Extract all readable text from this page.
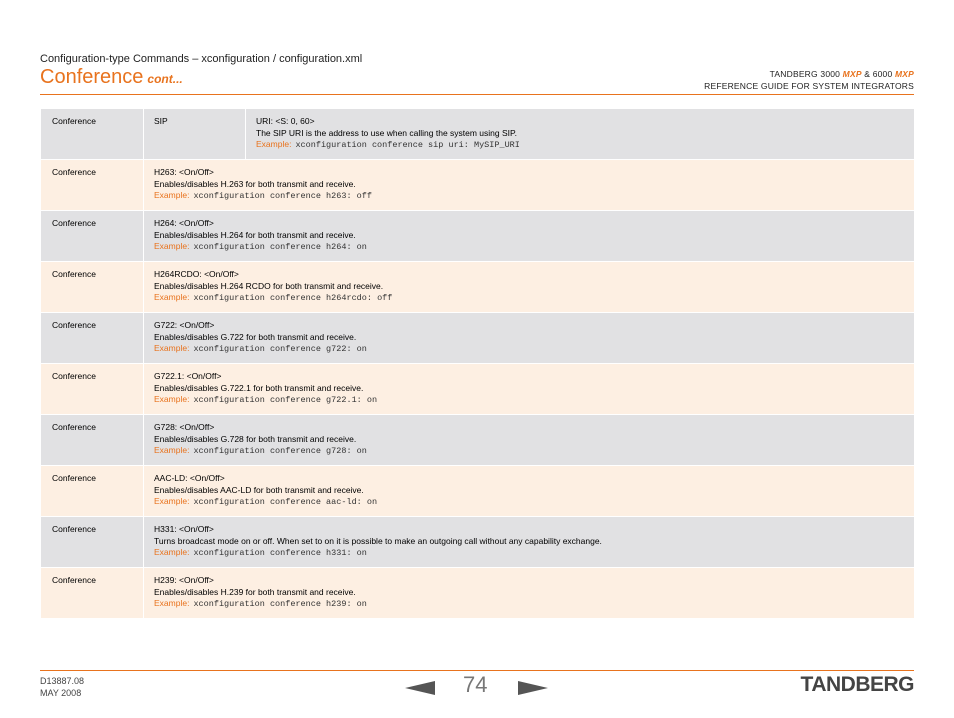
Configuration-type Commands – xconfiguration / configuration.xml
Conference cont...	TANDBERG 3000 MXP & 6000 MXP
REFERENCE GUIDE FOR SYSTEM INTEGRATORS
Conference	SIP	URI: <S: 0, 60>
The SIP URI is the address to use when calling the system using SIP.
Example: xconfiguration conference sip uri: MySIP_URI
Conference	H263: <On/Off>
Enables/disables H.263 for both transmit and receive.
Example: xconfiguration conference h263: off
Conference	H264: <On/Off>
Enables/disables H.264 for both transmit and receive.
Example: xconfiguration conference h264: on
Conference	H264RCDO: <On/Off>
Enables/disables H.264 RCDO for both transmit and receive.
Example: xconfiguration conference h264rcdo: off
Conference	G722: <On/Off>
Enables/disables G.722 for both transmit and receive.
Example: xconfiguration conference g722: on
Conference	G722.1: <On/Off>
Enables/disables G.722.1 for both transmit and receive.
Example: xconfiguration conference g722.1: on
Conference	G728: <On/Off>
Enables/disables G.728 for both transmit and receive.
Example: xconfiguration conference g728: on
Conference	AAC-LD: <On/Off>
Enables/disables AAC-LD for both transmit and receive.
Example: xconfiguration conference aac-ld: on
Conference	H331: <On/Off>
Turns broadcast mode on or off. When set to on it is possible to make an outgoing call without any capability exchange.
Example: xconfiguration conference h331: on
Conference	H239: <On/Off>
Enables/disables H.239 for both transmit and receive.
Example: xconfiguration conference h239: on
D13887.08
MAY 2008	74	TANDBERG
